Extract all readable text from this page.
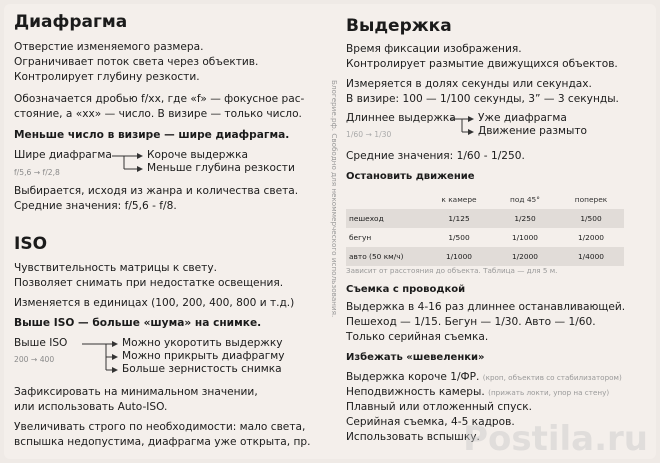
Диафрагма
Отверстие изменяемого размера.
Ограничивает поток света через объектив.
Контролирует глубину резкости.
Обозначается дробью f/xx, где «f» — фокусное рас-
стояние, а «xx» — число. В визире — только число.
Меньше число в визире — шире диафрагма.
Шире диафрагма
f/5,6 → f/2,8
Короче выдержка
Меньше глубина резкости
Выбирается, исходя из жанра и количества света.
Средние значения: f/5,6 - f/8.
ISO
Чувствительность матрицы к свету.
Позволяет снимать при недостатке освещения.
Изменяется в единицах (100, 200, 400, 800 и т.д.)
Выше ISO — больше «шума» на снимке.
Выше ISO
200 → 400
Можно укоротить выдержку
Можно прикрыть диафрагму
Больше зернистость снимка
Зафиксировать на минимальном значении,
или использовать Auto-ISO.
Увеличивать строго по необходимости: мало света,
вспышка недопустима, диафрагма уже открыта, пр.
Блогерие.рф. Свободно для некоммерческого использования.
Выдержка
Время фиксации изображения.
Контролирует размытие движущихся объектов.
Измеряется в долях секунды или секундах.
В визире: 100 — 1/100 секунды, 3” — 3 секунды.
Длиннее выдержка
1/60 → 1/30
Уже диафрагма
Движение размыто
Средние значения: 1/60 - 1/250.
Остановить движение
	к камере	под 45°	поперек
пешеход	1/125	1/250	1/500
бегун	1/500	1/1000	1/2000
авто (50 км/ч)	1/1000	1/2000	1/4000
Зависит от расстояния до объекта. Таблица — для 5 м.
Съемка с проводкой
Выдержка в 4-16 раз длиннее останавливающей.
Пешеход — 1/15. Бегун — 1/30. Авто — 1/60.
Только серийная съемка.
Избежать «шевеленки»
Выдержка короче 1/ФР. (кроп, объектив со стабилизатором)
Неподвижность камеры. (прижать локти, упор на стену)
Плавный или отложенный спуск.
Серийная съемка, 4-5 кадров.
Использовать вспышку.
Postila.ru
